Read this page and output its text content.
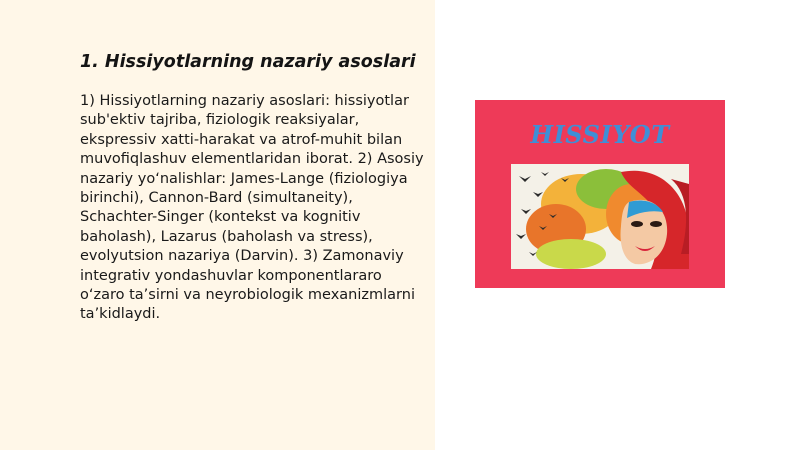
1. Hissiyotlarning nazariy asoslari

1) Hissiyotlarning nazariy asoslari: hissiyotlar sub'ektiv tajriba, fiziologik reaksiyalar, ekspressiv xatti-harakat va atrof-muhit bilan muvofiqlashuv elementlaridan iborat. 2) Asosiy nazariy yo‘nalishlar: James-Lange (fiziologiya birinchi), Cannon-Bard (simultaneity), Schachter-Singer (kontekst va kognitiv baholash), Lazarus (baholash va stress), evolyutsion nazariya (Darvin). 3) Zamonaviy integrativ yondashuvlar komponentlararo o‘zaro ta’sirni va neyrobiologik mexanizmlarni ta’kidlaydi.

HISSIYOT
